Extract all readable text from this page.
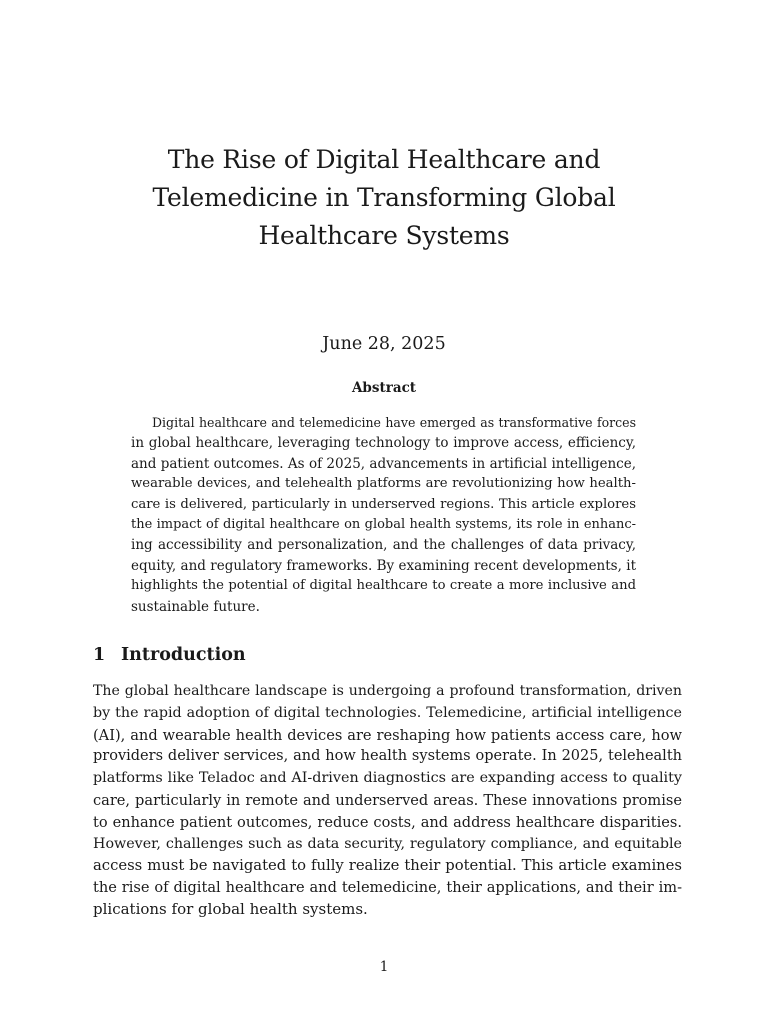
The Rise of Digital Healthcare and
Telemedicine in Transforming Global
Healthcare Systems
June 28, 2025
Abstract
Digital healthcare and telemedicine have emerged as transformative forces
in global healthcare, leveraging technology to improve access, efficiency,
and patient outcomes. As of 2025, advancements in artificial intelligence,
wearable devices, and telehealth platforms are revolutionizing how health-
care is delivered, particularly in underserved regions. This article explores
the impact of digital healthcare on global health systems, its role in enhanc-
ing accessibility and personalization, and the challenges of data privacy,
equity, and regulatory frameworks. By examining recent developments, it
highlights the potential of digital healthcare to create a more inclusive and
sustainable future.
1 Introduction
The global healthcare landscape is undergoing a profound transformation, driven
by the rapid adoption of digital technologies. Telemedicine, artificial intelligence
(AI), and wearable health devices are reshaping how patients access care, how
providers deliver services, and how health systems operate. In 2025, telehealth
platforms like Teladoc and AI-driven diagnostics are expanding access to quality
care, particularly in remote and underserved areas. These innovations promise
to enhance patient outcomes, reduce costs, and address healthcare disparities.
However, challenges such as data security, regulatory compliance, and equitable
access must be navigated to fully realize their potential. This article examines
the rise of digital healthcare and telemedicine, their applications, and their im-
plications for global health systems.
1
